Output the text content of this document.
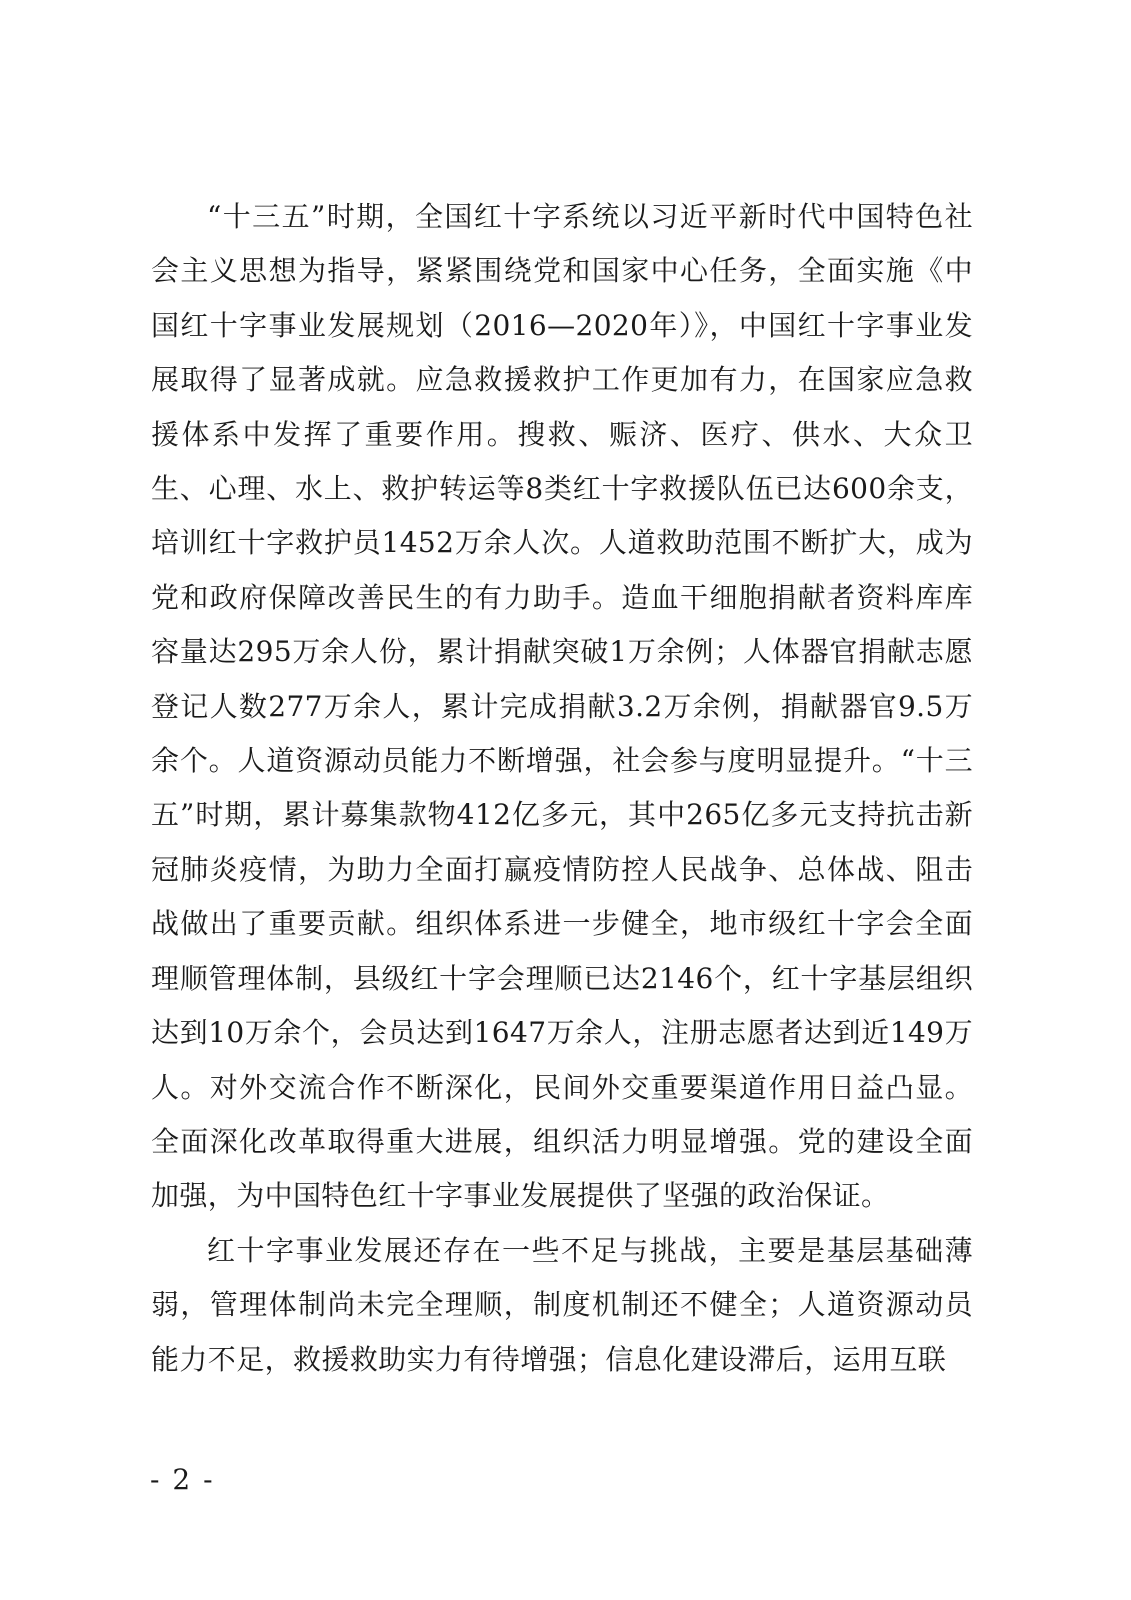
“十三五”时期，全国红十字系统以习近平新时代中国特色社会主义思想为指导，紧紧围绕党和国家中心任务，全面实施《中国红十字事业发展规划（2016—2020年）》，中国红十字事业发展取得了显著成就。应急救援救护工作更加有力，在国家应急救援体系中发挥了重要作用。搜救、赈济、医疗、供水、大众卫生、心理、水上、救护转运等8类红十字救援队伍已达600余支，培训红十字救护员1452万余人次。人道救助范围不断扩大，成为党和政府保障改善民生的有力助手。造血干细胞捐献者资料库库容量达295万余人份，累计捐献突破1万余例；人体器官捐献志愿登记人数277万余人，累计完成捐献3.2万余例，捐献器官9.5万余个。人道资源动员能力不断增强，社会参与度明显提升。“十三五”时期，累计募集款物412亿多元，其中265亿多元支持抗击新冠肺炎疫情，为助力全面打赢疫情防控人民战争、总体战、阻击战做出了重要贡献。组织体系进一步健全，地市级红十字会全面理顺管理体制，县级红十字会理顺已达2146个，红十字基层组织达到10万余个，会员达到1647万余人，注册志愿者达到近149万人。对外交流合作不断深化，民间外交重要渠道作用日益凸显。全面深化改革取得重大进展，组织活力明显增强。党的建设全面加强，为中国特色红十字事业发展提供了坚强的政治保证。

红十字事业发展还存在一些不足与挑战，主要是基层基础薄弱，管理体制尚未完全理顺，制度机制还不健全；人道资源动员能力不足，救援救助实力有待增强；信息化建设滞后，运用互联

- 2 -
